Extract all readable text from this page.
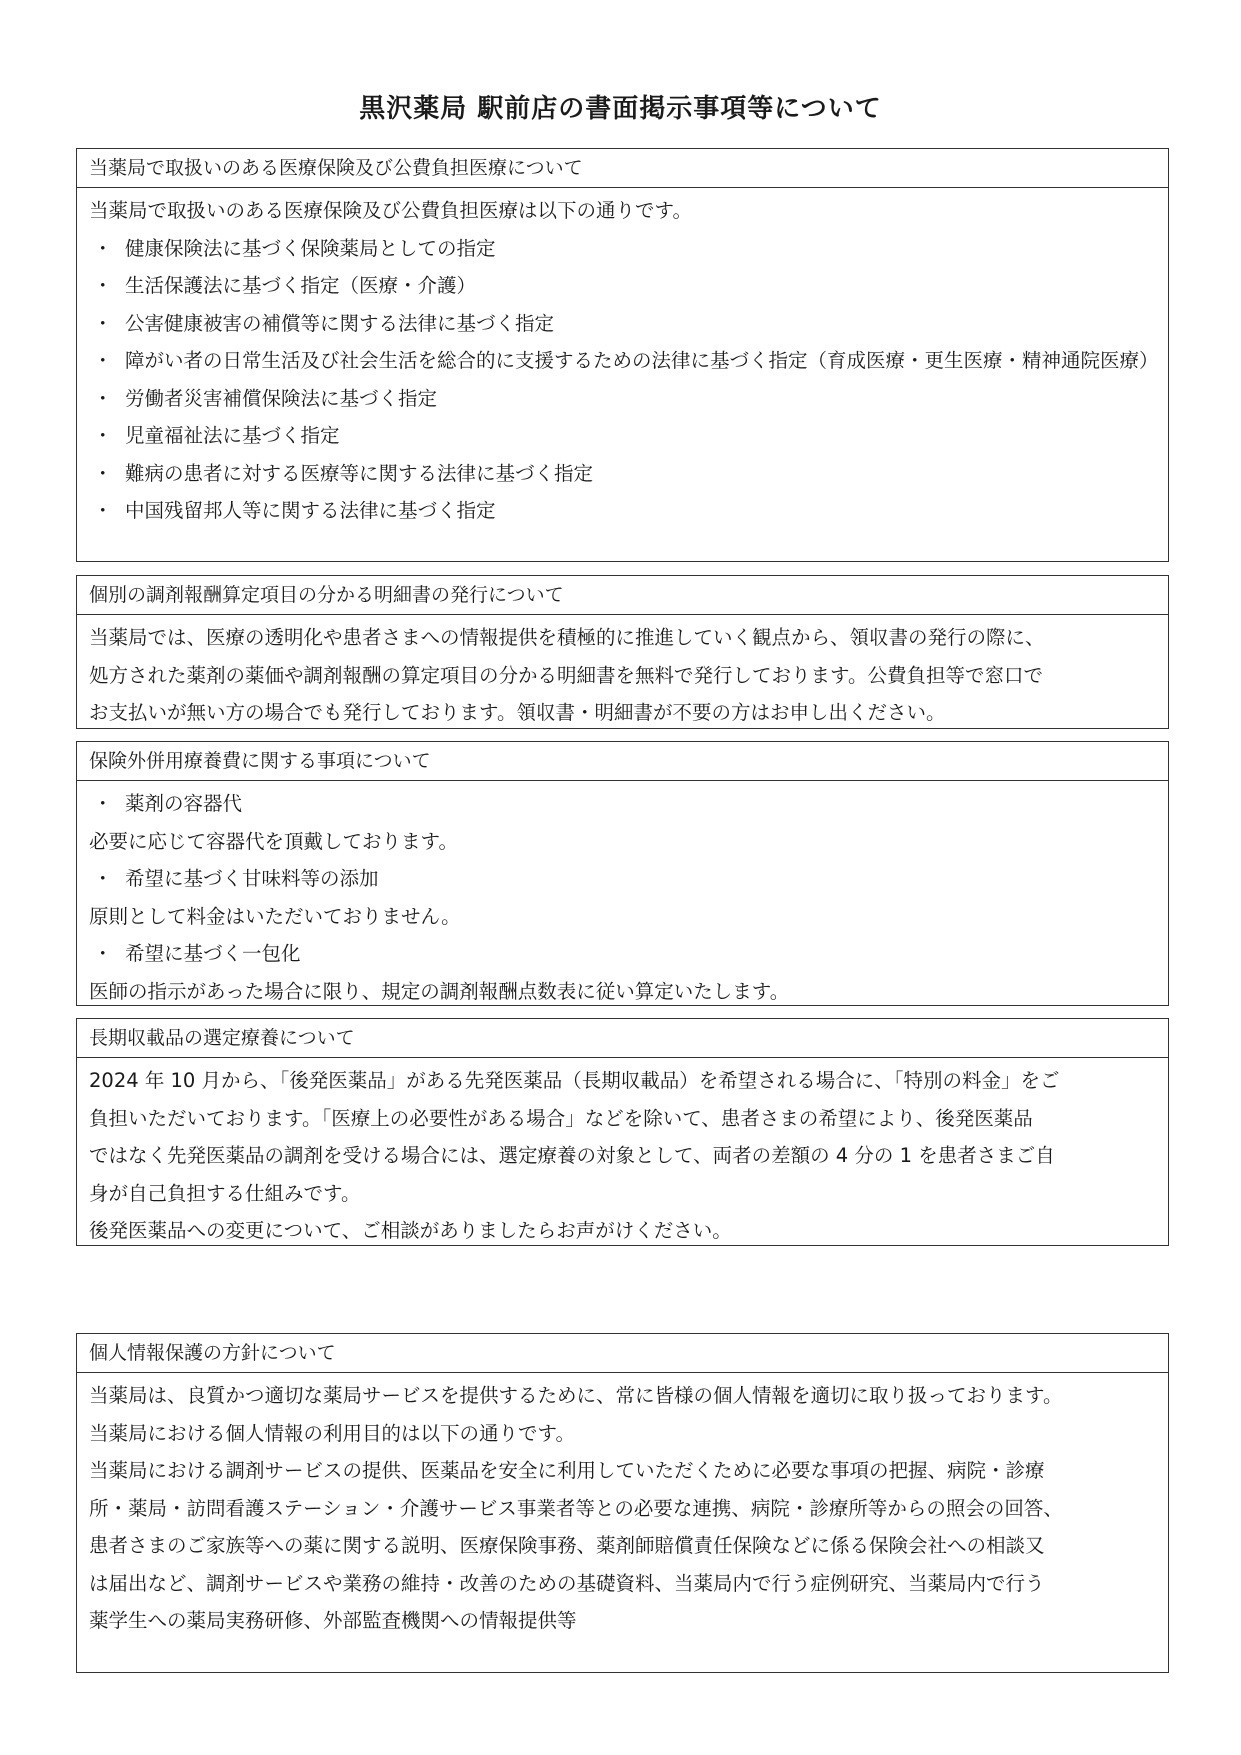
黒沢薬局 駅前店の書面掲示事項等について
当薬局で取扱いのある医療保険及び公費負担医療について
当薬局で取扱いのある医療保険及び公費負担医療は以下の通りです。
・ 健康保険法に基づく保険薬局としての指定
・ 生活保護法に基づく指定（医療・介護）
・ 公害健康被害の補償等に関する法律に基づく指定
・ 障がい者の日常生活及び社会生活を総合的に支援するための法律に基づく指定（育成医療・更生医療・精神通院医療）
・ 労働者災害補償保険法に基づく指定
・ 児童福祉法に基づく指定
・ 難病の患者に対する医療等に関する法律に基づく指定
・ 中国残留邦人等に関する法律に基づく指定
個別の調剤報酬算定項目の分かる明細書の発行について
当薬局では、医療の透明化や患者さまへの情報提供を積極的に推進していく観点から、領収書の発行の際に、
処方された薬剤の薬価や調剤報酬の算定項目の分かる明細書を無料で発行しております。公費負担等で窓口で
お支払いが無い方の場合でも発行しております。領収書・明細書が不要の方はお申し出ください。
保険外併用療養費に関する事項について
・ 薬剤の容器代
必要に応じて容器代を頂戴しております。
・ 希望に基づく甘味料等の添加
原則として料金はいただいておりません。
・ 希望に基づく一包化
医師の指示があった場合に限り、規定の調剤報酬点数表に従い算定いたします。
長期収載品の選定療養について
2024 年 10 月から、「後発医薬品」がある先発医薬品（長期収載品）を希望される場合に、「特別の料金」をご
負担いただいております。「医療上の必要性がある場合」などを除いて、患者さまの希望により、後発医薬品
ではなく先発医薬品の調剤を受ける場合には、選定療養の対象として、両者の差額の 4 分の 1 を患者さまご自
身が自己負担する仕組みです。
後発医薬品への変更について、ご相談がありましたらお声がけください。
個人情報保護の方針について
当薬局は、良質かつ適切な薬局サービスを提供するために、常に皆様の個人情報を適切に取り扱っております。
当薬局における個人情報の利用目的は以下の通りです。
当薬局における調剤サービスの提供、医薬品を安全に利用していただくために必要な事項の把握、病院・診療
所・薬局・訪問看護ステーション・介護サービス事業者等との必要な連携、病院・診療所等からの照会の回答、
患者さまのご家族等への薬に関する説明、医療保険事務、薬剤師賠償責任保険などに係る保険会社への相談又
は届出など、調剤サービスや業務の維持・改善のための基礎資料、当薬局内で行う症例研究、当薬局内で行う
薬学生への薬局実務研修、外部監査機関への情報提供等
